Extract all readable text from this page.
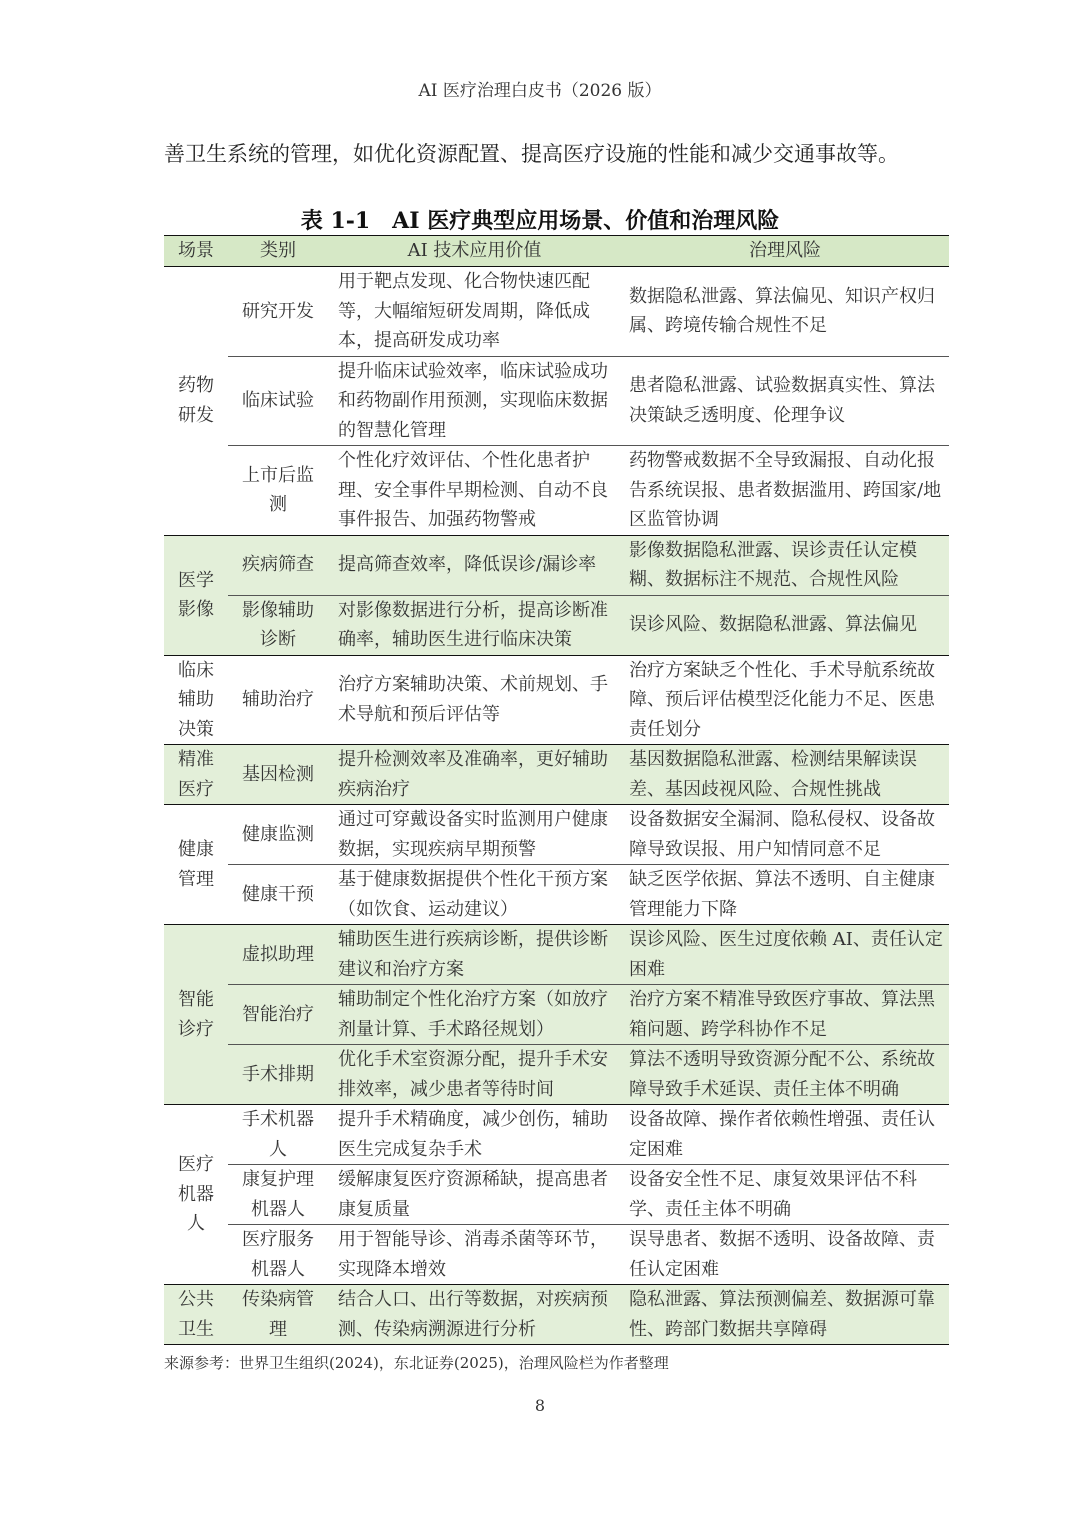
AI 医疗治理白皮书（2026 版）
善卫生系统的管理，如优化资源配置、提高医疗设施的性能和减少交通事故等。
表 1-1　AI 医疗典型应用场景、价值和治理风险
场景	类别	AI 技术应用价值	治理风险

药物
研发	研究开发	用于靶点发现、化合物快速匹配等，大幅缩短研发周期，降低成本，提高研发成功率	数据隐私泄露、算法偏见、知识产权归属、跨境传输合规性不足
	临床试验	提升临床试验效率，临床试验成功和药物副作用预测，实现临床数据的智慧化管理	患者隐私泄露、试验数据真实性、算法决策缺乏透明度、伦理争议
	上市后监测	个性化疗效评估、个性化患者护理、安全事件早期检测、自动不良事件报告、加强药物警戒	药物警戒数据不全导致漏报、自动化报告系统误报、患者数据滥用、跨国家/地区监管协调

医学
影像	疾病筛查	提高筛查效率，降低误诊/漏诊率	影像数据隐私泄露、误诊责任认定模糊、数据标注不规范、合规性风险
	影像辅助诊断	对影像数据进行分析，提高诊断准确率，辅助医生进行临床决策	误诊风险、数据隐私泄露、算法偏见

临床
辅助
决策	辅助治疗	治疗方案辅助决策、术前规划、手术导航和预后评估等	治疗方案缺乏个性化、手术导航系统故障、预后评估模型泛化能力不足、医患责任划分

精准
医疗	基因检测	提升检测效率及准确率，更好辅助疾病治疗	基因数据隐私泄露、检测结果解读误差、基因歧视风险、合规性挑战

健康
管理	健康监测	通过可穿戴设备实时监测用户健康数据，实现疾病早期预警	设备数据安全漏洞、隐私侵权、设备故障导致误报、用户知情同意不足
	健康干预	基于健康数据提供个性化干预方案（如饮食、运动建议）	缺乏医学依据、算法不透明、自主健康管理能力下降

智能
诊疗	虚拟助理	辅助医生进行疾病诊断，提供诊断建议和治疗方案	误诊风险、医生过度依赖 AI、责任认定困难
	智能治疗	辅助制定个性化治疗方案（如放疗剂量计算、手术路径规划）	治疗方案不精准导致医疗事故、算法黑箱问题、跨学科协作不足
	手术排期	优化手术室资源分配，提升手术安排效率，减少患者等待时间	算法不透明导致资源分配不公、系统故障导致手术延误、责任主体不明确

医疗
机器
人	手术机器人	提升手术精确度，减少创伤，辅助医生完成复杂手术	设备故障、操作者依赖性增强、责任认定困难
	康复护理机器人	缓解康复医疗资源稀缺，提高患者康复质量	设备安全性不足、康复效果评估不科学、责任主体不明确
	医疗服务机器人	用于智能导诊、消毒杀菌等环节，实现降本增效	误导患者、数据不透明、设备故障、责任认定困难

公共
卫生	传染病管理	结合人口、出行等数据，对疾病预测、传染病溯源进行分析	隐私泄露、算法预测偏差、数据源可靠性、跨部门数据共享障碍
来源参考：世界卫生组织(2024)，东北证券(2025)，治理风险栏为作者整理
8
